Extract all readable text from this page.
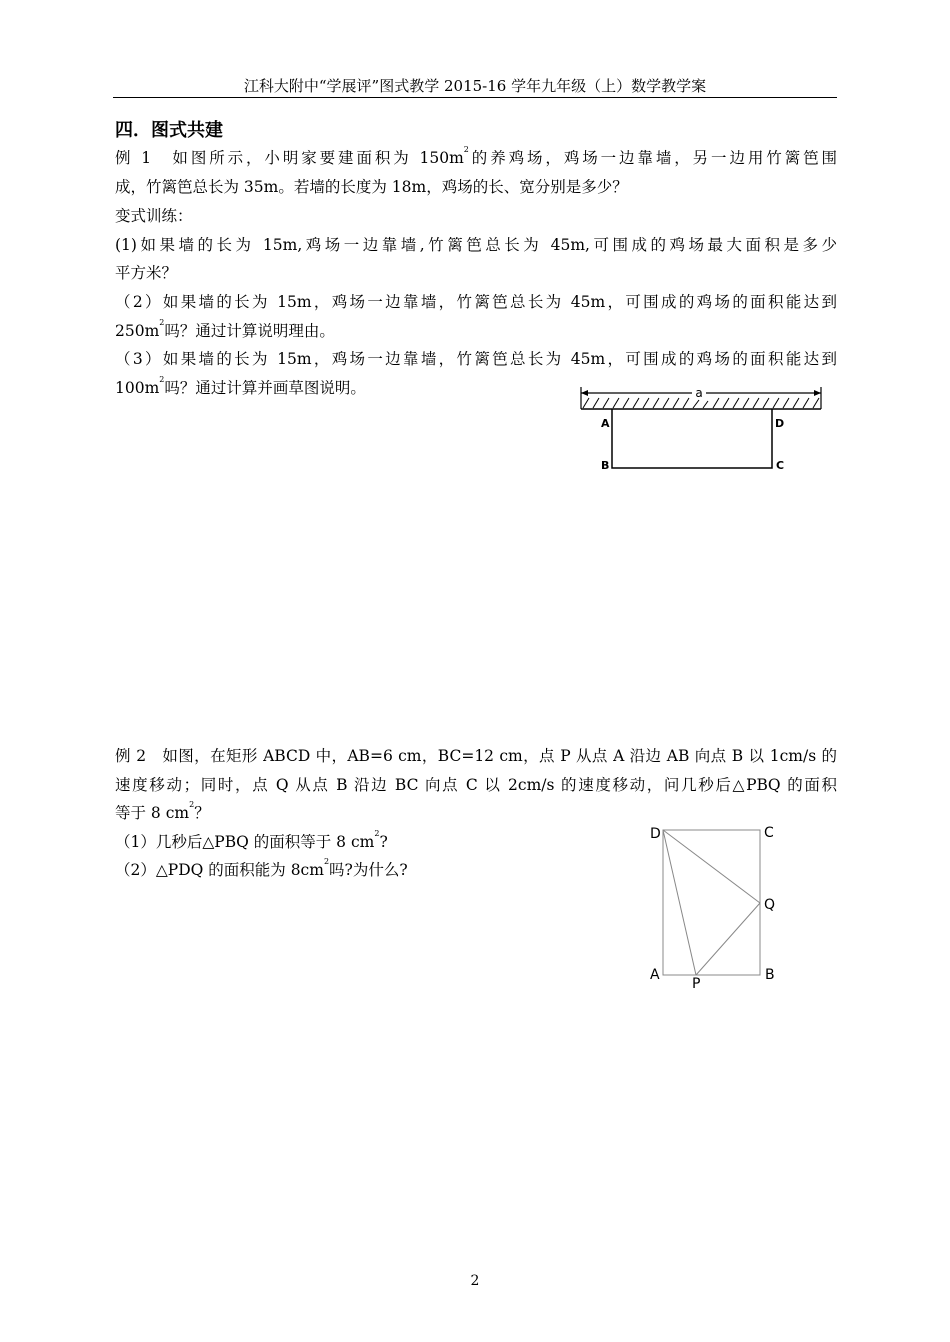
江科大附中“学展评”图式教学 2015-16 学年九年级（上）数学教学案
四．图式共建
例 1　如图所示，小明家要建面积为 $150m^2$的养鸡场，鸡场一边靠墙，另一边用竹篱笆围
成，竹篱笆总长为 35m。若墙的长度为 18m，鸡场的长、宽分别是多少？
变式训练：
(1)如果墙的长为 15m,鸡场一边靠墙,竹篱笆总长为 45m,可围成的鸡场最大面积是多少
平方米？
（2）如果墙的长为 15m，鸡场一边靠墙，竹篱笆总长为 45m，可围成的鸡场的面积能达到
$250m^2$吗？通过计算说明理由。
（3）如果墙的长为 15m，鸡场一边靠墙，竹篱笆总长为 45m，可围成的鸡场的面积能达到
$100m^2$吗？通过计算并画草图说明。	a
A
B
D
C
例 2　如图，在矩形 ABCD 中，AB=6 cm，BC=12 cm，点 P 从点 A 沿边 AB 向点 B 以 1cm/s 的
速度移动；同时，点 Q 从点 B 沿边 BC 向点 C 以 2cm/s 的速度移动，问几秒后△PBQ 的面积
等于 8 $cm^2$？
（1）几秒后△PBQ 的面积等于 8 $cm^2$?
（2）△PDQ 的面积能为 $8cm^2$吗?为什么?
D	C
Q
A
P
B
2
